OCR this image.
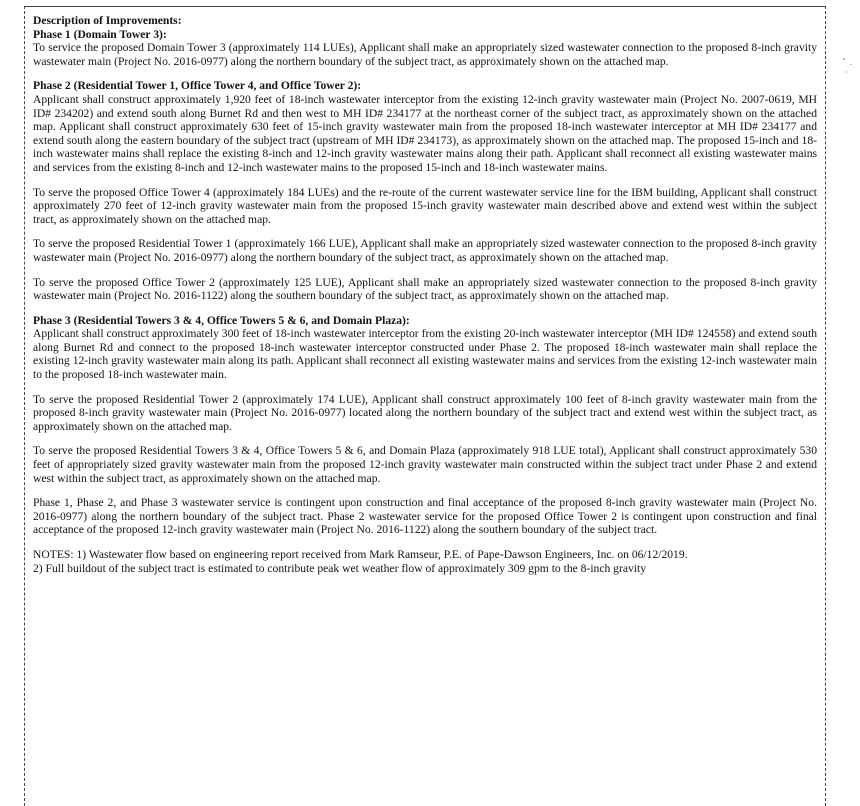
Description of Improvements:

Phase 1 (Domain Tower 3):

To service the proposed Domain Tower 3 (approximately 114 LUEs), Applicant shall make an appropriately sized wastewater connection to the proposed 8-inch gravity wastewater main (Project No. 2016-0977) along the northern boundary of the subject tract, as approximately shown on the attached map.

Phase 2 (Residential Tower 1, Office Tower 4, and Office Tower 2):

Applicant shall construct approximately 1,920 feet of 18-inch wastewater interceptor from the existing 12-inch gravity wastewater main (Project No. 2007-0619, MH ID# 234202) and extend south along Burnet Rd and then west to MH ID# 234177 at the northeast corner of the subject tract, as approximately shown on the attached map. Applicant shall construct approximately 630 feet of 15-inch gravity wastewater main from the proposed 18-inch wastewater interceptor at MH ID# 234177 and extend south along the eastern boundary of the subject tract (upstream of MH ID# 234173), as approximately shown on the attached map. The proposed 15-inch and 18-inch wastewater mains shall replace the existing 8-inch and 12-inch gravity wastewater mains along their path. Applicant shall reconnect all existing wastewater mains and services from the existing 8-inch and 12-inch wastewater mains to the proposed 15-inch and 18-inch wastewater mains.

To serve the proposed Office Tower 4 (approximately 184 LUEs) and the re-route of the current wastewater service line for the IBM building, Applicant shall construct approximately 270 feet of 12-inch gravity wastewater main from the proposed 15-inch gravity wastewater main described above and extend west within the subject tract, as approximately shown on the attached map.

To serve the proposed Residential Tower 1 (approximately 166 LUE), Applicant shall make an appropriately sized wastewater connection to the proposed 8-inch gravity wastewater main (Project No. 2016-0977) along the northern boundary of the subject tract, as approximately shown on the attached map.

To serve the proposed Office Tower 2 (approximately 125 LUE), Applicant shall make an appropriately sized wastewater connection to the proposed 8-inch gravity wastewater main (Project No. 2016-1122) along the southern boundary of the subject tract, as approximately shown on the attached map.

Phase 3 (Residential Towers 3 & 4, Office Towers 5 & 6, and Domain Plaza):

Applicant shall construct approximately 300 feet of 18-inch wastewater interceptor from the existing 20-inch wastewater interceptor (MH ID# 124558) and extend south along Burnet Rd and connect to the proposed 18-inch wastewater interceptor constructed under Phase 2. The proposed 18-inch wastewater main shall replace the existing 12-inch gravity wastewater main along its path. Applicant shall reconnect all existing wastewater mains and services from the existing 12-inch wastewater main to the proposed 18-inch wastewater main.

To serve the proposed Residential Tower 2 (approximately 174 LUE), Applicant shall construct approximately 100 feet of 8-inch gravity wastewater main from the proposed 8-inch gravity wastewater main (Project No. 2016-0977) located along the northern boundary of the subject tract and extend west within the subject tract, as approximately shown on the attached map.

To serve the proposed Residential Towers 3 & 4, Office Towers 5 & 6, and Domain Plaza (approximately 918 LUE total), Applicant shall construct approximately 530 feet of appropriately sized gravity wastewater main from the proposed 12-inch gravity wastewater main constructed within the subject tract under Phase 2 and extend west within the subject tract, as approximately shown on the attached map.

Phase 1, Phase 2, and Phase 3 wastewater service is contingent upon construction and final acceptance of the proposed 8-inch gravity wastewater main (Project No. 2016-0977) along the northern boundary of the subject tract. Phase 2 wastewater service for the proposed Office Tower 2 is contingent upon construction and final acceptance of the proposed 12-inch gravity wastewater main (Project No. 2016-1122) along the southern boundary of the subject tract.

NOTES: 1) Wastewater flow based on engineering report received from Mark Ramseur, P.E. of Pape-Dawson Engineers, Inc. on 06/12/2019.

2) Full buildout of the subject tract is estimated to contribute peak wet weather flow of approximately 309 gpm to the 8-inch gravity
